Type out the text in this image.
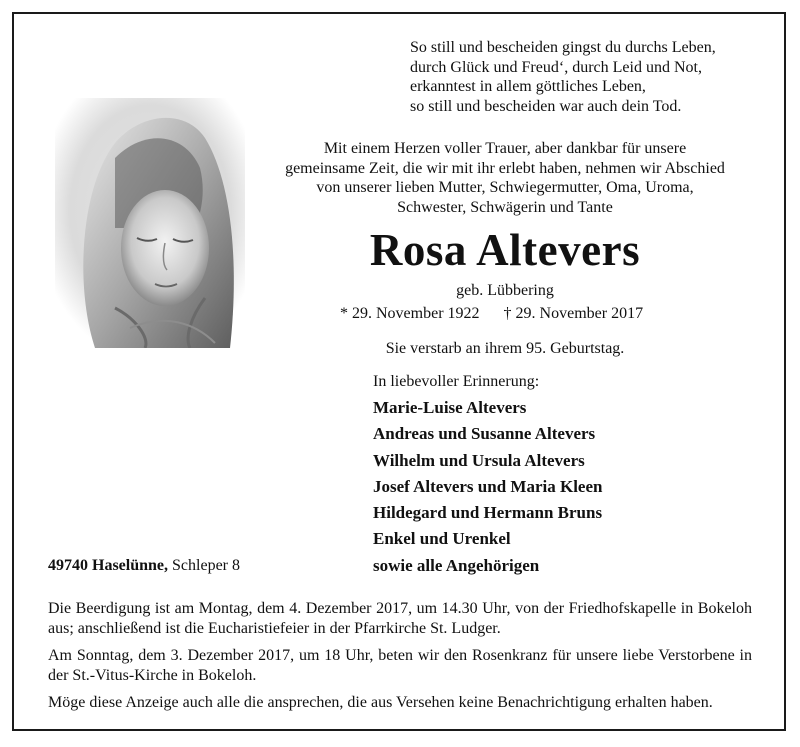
So still und bescheiden gingst du durchs Leben,
durch Glück und Freud‘, durch Leid und Not,
erkanntest in allem göttliches Leben,
so still und bescheiden war auch dein Tod.
Mit einem Herzen voller Trauer, aber dankbar für unsere
gemeinsame Zeit, die wir mit ihr erlebt haben, nehmen wir Abschied
von unserer lieben Mutter, Schwiegermutter, Oma, Uroma,
Schwester, Schwägerin und Tante
Rosa Altevers
geb. Lübbering
* 29. November 1922 † 29. November 2017
Sie verstarb an ihrem 95. Geburtstag.
In liebevoller Erinnerung:
Marie-Luise Altevers
Andreas und Susanne Altevers
Wilhelm und Ursula Altevers
Josef Altevers und Maria Kleen
Hildegard und Hermann Bruns
Enkel und Urenkel
sowie alle Angehörigen
49740 Haselünne, Schleper 8

Die Beerdigung ist am Montag, dem 4. Dezember 2017, um 14.30 Uhr, von der Friedhofskapelle in Bokeloh aus; anschließend ist die Eucharistiefeier in der Pfarrkirche St. Ludger.

Am Sonntag, dem 3. Dezember 2017, um 18 Uhr, beten wir den Rosenkranz für unsere liebe Verstorbene in der St.-Vitus-Kirche in Bokeloh.

Möge diese Anzeige auch alle die ansprechen, die aus Versehen keine Benachrichtigung erhalten haben.
